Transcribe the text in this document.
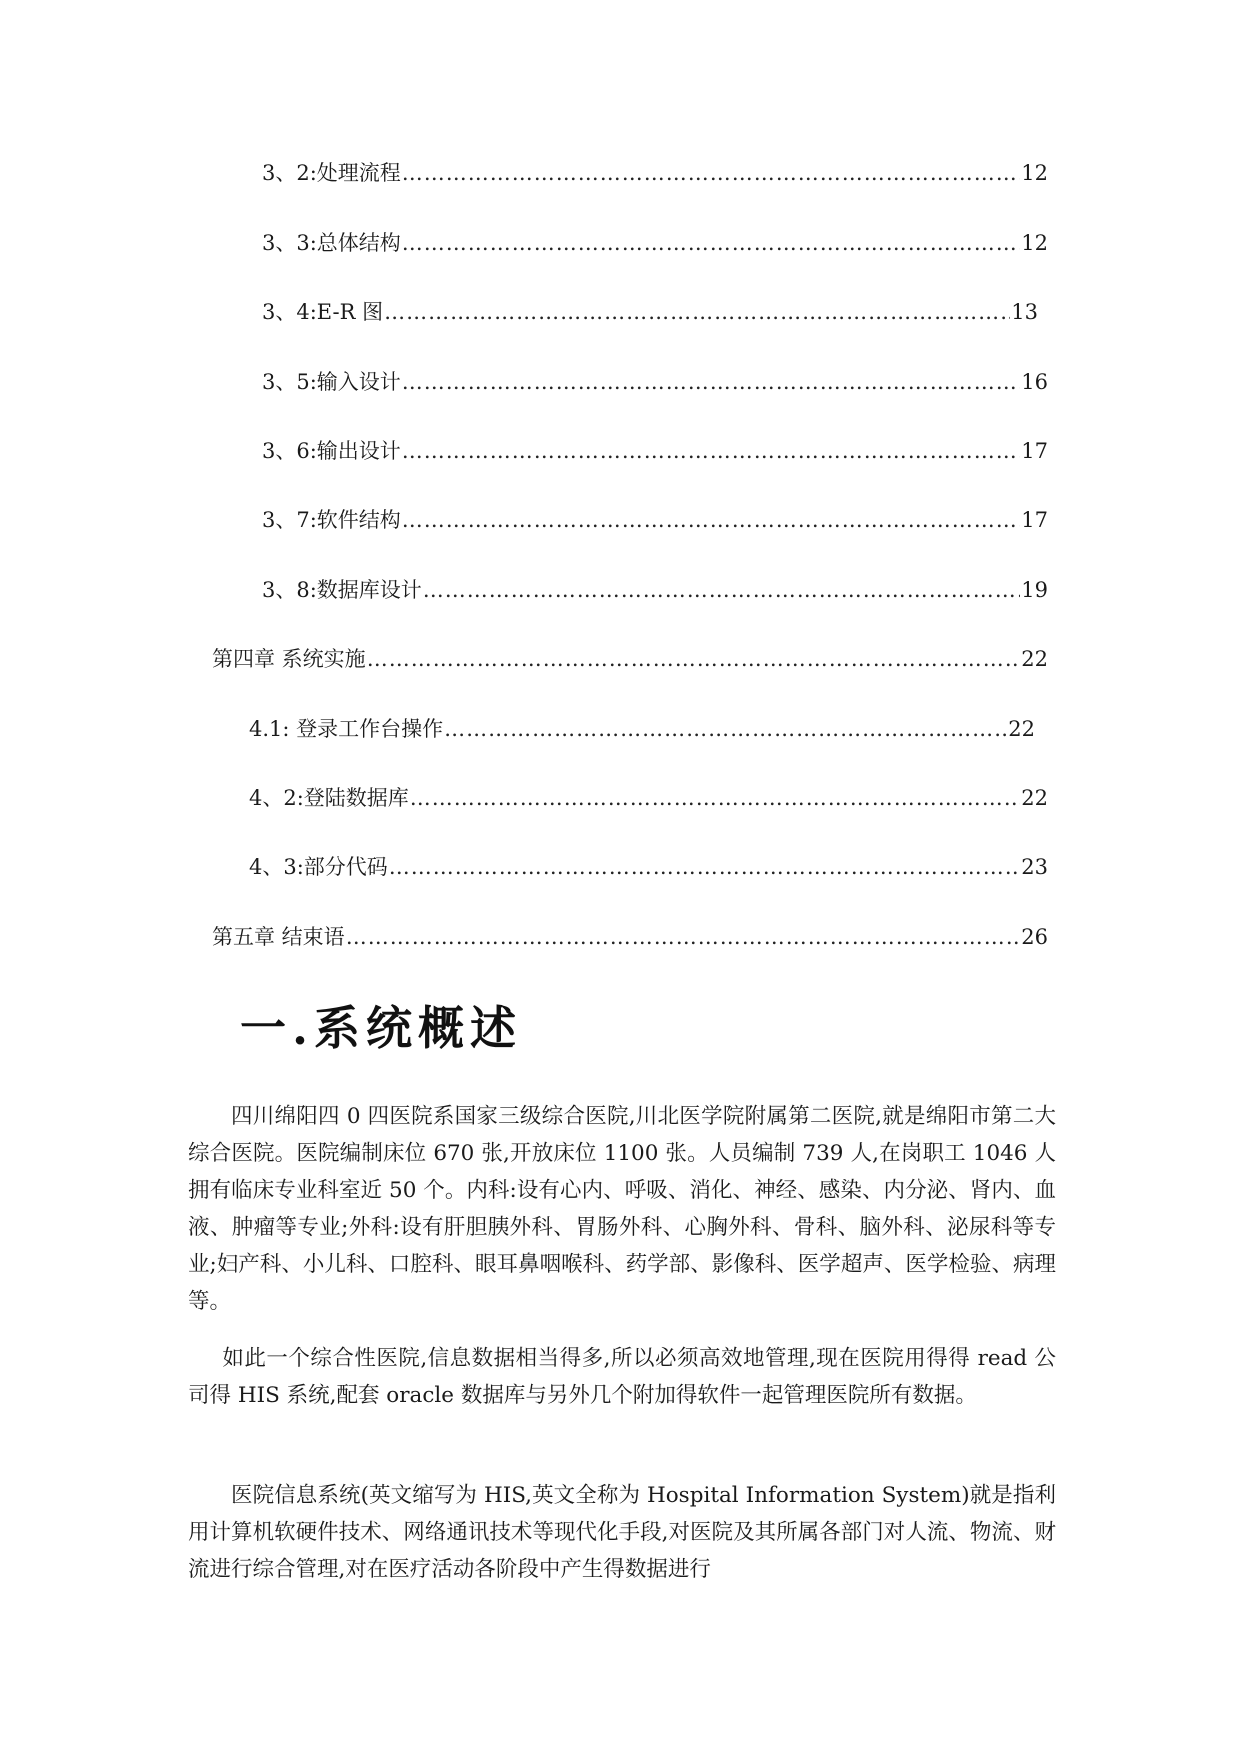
3、2:处理流程 ……………………………………………………………………………………………………………………………………………………………………………………………………………………	12
3、3:总体结构 ……………………………………………………………………………………………………………………………………………………………………………………………………………………	12
3、4:E-R 图 ……………………………………………………………………………………………………………………………………………………………………………………………………………………	13
3、5:输入设计 ……………………………………………………………………………………………………………………………………………………………………………………………………………………	16
3、6:输出设计 ……………………………………………………………………………………………………………………………………………………………………………………………………………………	17
3、7:软件结构 ……………………………………………………………………………………………………………………………………………………………………………………………………………………	17
3、8:数据库设计 ……………………………………………………………………………………………………………………………………………………………………………………………………………………	19
第四章 系统实施 ……………………………………………………………………………………………………………………………………………………………………………………………………………………	22
4.1: 登录工作台操作 ……………………………………………………………………………………………………………………………………………………………………………………………………………………	22
4、2:登陆数据库 ……………………………………………………………………………………………………………………………………………………………………………………………………………………	22
4、3:部分代码 ……………………………………………………………………………………………………………………………………………………………………………………………………………………	23
第五章 结束语 ……………………………………………………………………………………………………………………………………………………………………………………………………………………	26
一.系统概述

四川绵阳四 0 四医院系国家三级综合医院,川北医学院附属第二医院,就是绵阳市第二大综合医院。医院编制床位 670 张,开放床位 1100 张。人员编制 739 人,在岗职工 1046 人 拥有临床专业科室近 50 个。内科:设有心内、呼吸、消化、神经、感染、内分泌、肾内、血液、肿瘤等专业;外科:设有肝胆胰外科、胃肠外科、心胸外科、骨科、脑外科、泌尿科等专业;妇产科、小儿科、口腔科、眼耳鼻咽喉科、药学部、影像科、医学超声、医学检验、病理等。

如此一个综合性医院,信息数据相当得多,所以必须高效地管理,现在医院用得得 read 公司得 HIS 系统,配套 oracle 数据库与另外几个附加得软件一起管理医院所有数据。

医院信息系统(英文缩写为 HIS,英文全称为 Hospital Information System)就是指利用计算机软硬件技术、网络通讯技术等现代化手段,对医院及其所属各部门对人流、物流、财流进行综合管理,对在医疗活动各阶段中产生得数据进行
